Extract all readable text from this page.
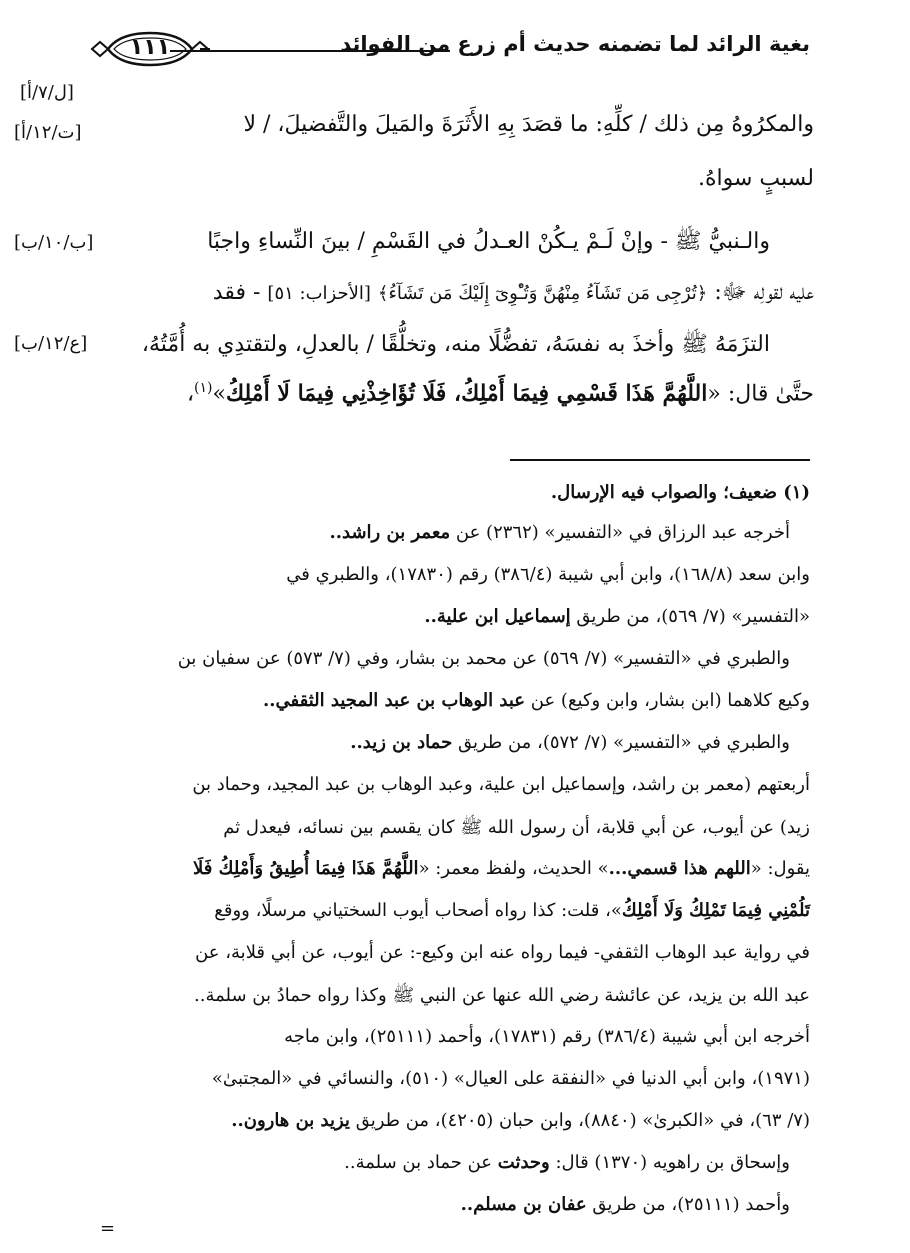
بغية الرائد لما تضمنه حديث أم زرع من الفوائد
١١١
[ل/٧/أ]
[ت/١٢/أ]
[ب/١٠/ب]
[ع/١٢/ب]
والمكرُوهُ مِن ذلك / كلِّهِ: ما قصَدَ بِهِ الأَثَرَةَ والمَيلَ والتَّفضيلَ، / لا
لسببٍ سواهُ.
والـنبيُّ ﷺ - وإنْ لَـمْ يـكُنْ العـدلُ في القَسْمِ / بينَ النِّساءِ واجبًا
عليه لقولِه ﷻ: ﴿تُرْجِى مَن تَشَآءُ مِنْهُنَّ وَتُـْٔوِىٓ إِلَيْكَ مَن تَشَآءُ﴾ [الأحزاب: ٥١] - فقد
التزَمَهُ ﷺ وأخذَ به نفسَهُ، تفضُّلًا منه، وتخلُّقًا / بالعدلِ، ولتقتدِي به أُمَّتُهُ،
حتَّىٰ قال: «اللَّهُمَّ هَذَا قَسْمِي فِيمَا أَمْلِكُ، فَلَا تُؤَاخِذْنِي فِيمَا لَا أَمْلِكُ»$^{(١)}$،
(١) ضعيف؛ والصواب فيه الإرسال.
أخرجه عبد الرزاق في «التفسير» (٢٣٦٢) عن معمر بن راشد..
وابن سعد (١٦٨/٨)، وابن أبي شيبة (٣٨٦/٤) رقم (١٧٨٣٠)، والطبري في
«التفسير» (٧/ ٥٦٩)، من طريق إسماعيل ابن علية..
والطبري في «التفسير» (٧/ ٥٦٩) عن محمد بن بشار، وفي (٧/ ٥٧٣) عن سفيان بن
وكيع كلاهما (ابن بشار، وابن وكيع) عن عبد الوهاب بن عبد المجيد الثقفي..
والطبري في «التفسير» (٧/ ٥٧٢)، من طريق حماد بن زيد..
أربعتهم (معمر بن راشد، وإسماعيل ابن علية، وعبد الوهاب بن عبد المجيد، وحماد بن
زيد) عن أيوب، عن أبي قلابة، أن رسول الله ﷺ كان يقسم بين نسائه، فيعدل ثم
يقول: «اللهم هذا قسمي...» الحديث، ولفظ معمر: «اللَّهُمَّ هَذَا فِيمَا أُطِيقُ وَأَمْلِكُ فَلَا
تَلُمْنِي فِيمَا تَمْلِكُ وَلَا أَمْلِكُ»، قلت: كذا رواه أصحاب أيوب السختياني مرسلًا، ووقع
في رواية عبد الوهاب الثقفي- فيما رواه عنه ابن وكيع-: عن أيوب، عن أبي قلابة، عن
عبد الله بن يزيد، عن عائشة رضي الله عنها عن النبي ﷺ وكذا رواه حمادُ بن سلمة..
أخرجه ابن أبي شيبة (٣٨٦/٤) رقم (١٧٨٣١)، وأحمد (٢٥١١١)، وابن ماجه
(١٩٧١)، وابن أبي الدنيا في «النفقة على العيال» (٥١٠)، والنسائي في «المجتبىٰ»
(٧/ ٦٣)، في «الكبرىٰ» (٨٨٤٠)، وابن حبان (٤٢٠٥)، من طريق يزيد بن هارون..
وإسحاق بن راهويه (١٣٧٠) قال: وحدثت عن حماد بن سلمة..
وأحمد (٢٥١١١)، من طريق عفان بن مسلم..
=
